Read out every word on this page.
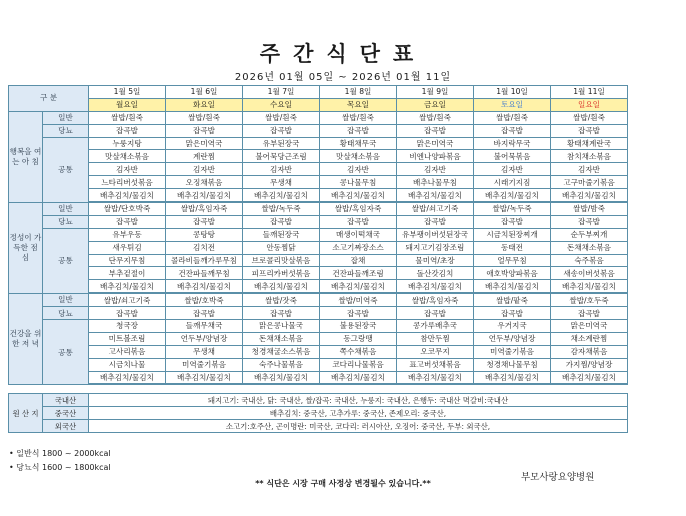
주간식단표
2026년 01월 05일 ~ 2026년 01월 11일
구 분		1월 5일	1월 6일	1월 7일	1월 8일	1월 9일	1월 10일	1월 11일
		월요일	화요일	수요일	목요일	금요일	토요일	일요일
행복을 여는 아 침	일반	쌀밥/흰죽	쌀밥/흰죽	쌀밥/흰죽	쌀밥/흰죽	쌀밥/흰죽	쌀밥/흰죽	쌀밥/흰죽
	당뇨	잡곡밥	잡곡밥	잡곡밥	잡곡밥	잡곡밥	잡곡밥	잡곡밥
	공통	누룽지탕	맑은미역국	유부된장국	황태채무국	맑은미역국	바지락무국	황태채계란국
		맛살채소볶음	계란찜	불어묵당근조림	맛살채소볶음	비엔나양파볶음	불어묵볶음	참치채소볶음
		김자반	김자반	김자반	김자반	김자반	김자반	김자반
		느타리버섯볶음	오징채볶음	무생채	콩나물무침	배추나물무침	시래기지짐	고구마줄기볶음
		배추김치/물김치	배추김치/물김치	배추김치/물김치	배추김치/물김치	배추김치/물김치	배추김치/물김치	배추김치/물김치
정성이 가득한 점 심	일반	쌀밥/단호박죽	쌀밥/흑임자죽	쌀밥/녹두죽	쌀밥/흑임자죽	쌀밥/쇠고기죽	쌀밥/녹두죽	쌀밥/밤죽
	당뇨	잡곡밥	잡곡밥	잡곡밥	잡곡밥	잡곡밥	잡곡밥	잡곡밥
	공통	유부우동	콩탕탕	들깨된장국	매생이떡채국	유부팽이버섯된장국	시금치된장찌개	순두부찌개
		새우튀김	김치전	안동찜닭	소고기짜장소스	돼지고기김장조림	동태전	돈채채소볶음
		단무지무침	콜라비들깨가루무침	브로콜리맛살볶음	잡채	물미역/초장	얼무무침	숙주볶음
		부추겉절이	건잔파들깨무침	피프리카버섯볶음	건잔파들깨조림	돌산갓김치	애호박양파볶음	새송이버섯볶음
		배추김치/물김치	배추김치/물김치	배추김치/물김치	배추김치/물김치	배추김치/물김치	배추김치/물김치	배추김치/물김치
건강을 위한 저 녁	일반	쌀밥/쇠고기죽	쌀밥/호박죽	쌀밥/잣죽	쌀밥/미역죽	쌀밥/흑임자죽	쌀밥/팥죽	쌀밥/호두죽
	당뇨	잡곡밥	잡곡밥	잡곡밥	잡곡밥	잡곡밥	잡곡밥	잡곡밥
	공통	청국장	들깨무채국	맑은콩나물국	불용된장국	콩가루배추국	우거지국	맑은미역국
		미트볼조림	언두부/양념장	돈채채소볶음	동그랑땡	참만두찜	언두부/양념장	채소계란찜
		고사리볶음	무생채	청경채굴소스볶음	쪽수채볶음	오코무지	미역줄기볶음	감자채볶음
		시금치나물	미역줄기볶음	숙주나물볶음	코다리나물볶음	표고버섯채볶음	청경채나물무침	가지찜/양념장
		배추김치/물김치	배추김치/물김치	배추김치/물김치	배추김치/물김치	배추김치/물김치	배추김치/물김치	배추김치/물김치
원 산 지	국내산	돼지고기: 국내산, 닭: 국내산, 쌀/잡곡: 국내산, 누룽지: 국내산, 은행두: 국내산 멱갈비:국내산
	중국산	배추김치: 중국산, 고추가루: 중국산, 존제오리: 중국산,
	외국산	소고기:호주산, 곤이명란: 미국산, 코다리: 러시아산, 오징어: 중국산, 두부: 외국산,
• 일반식 1800 ~ 2000kcal
• 당뇨식 1600 ~ 1800kcal
부모사랑요양병원
** 식단은 시장 구매 사정상 변경될수 있습니다.**
